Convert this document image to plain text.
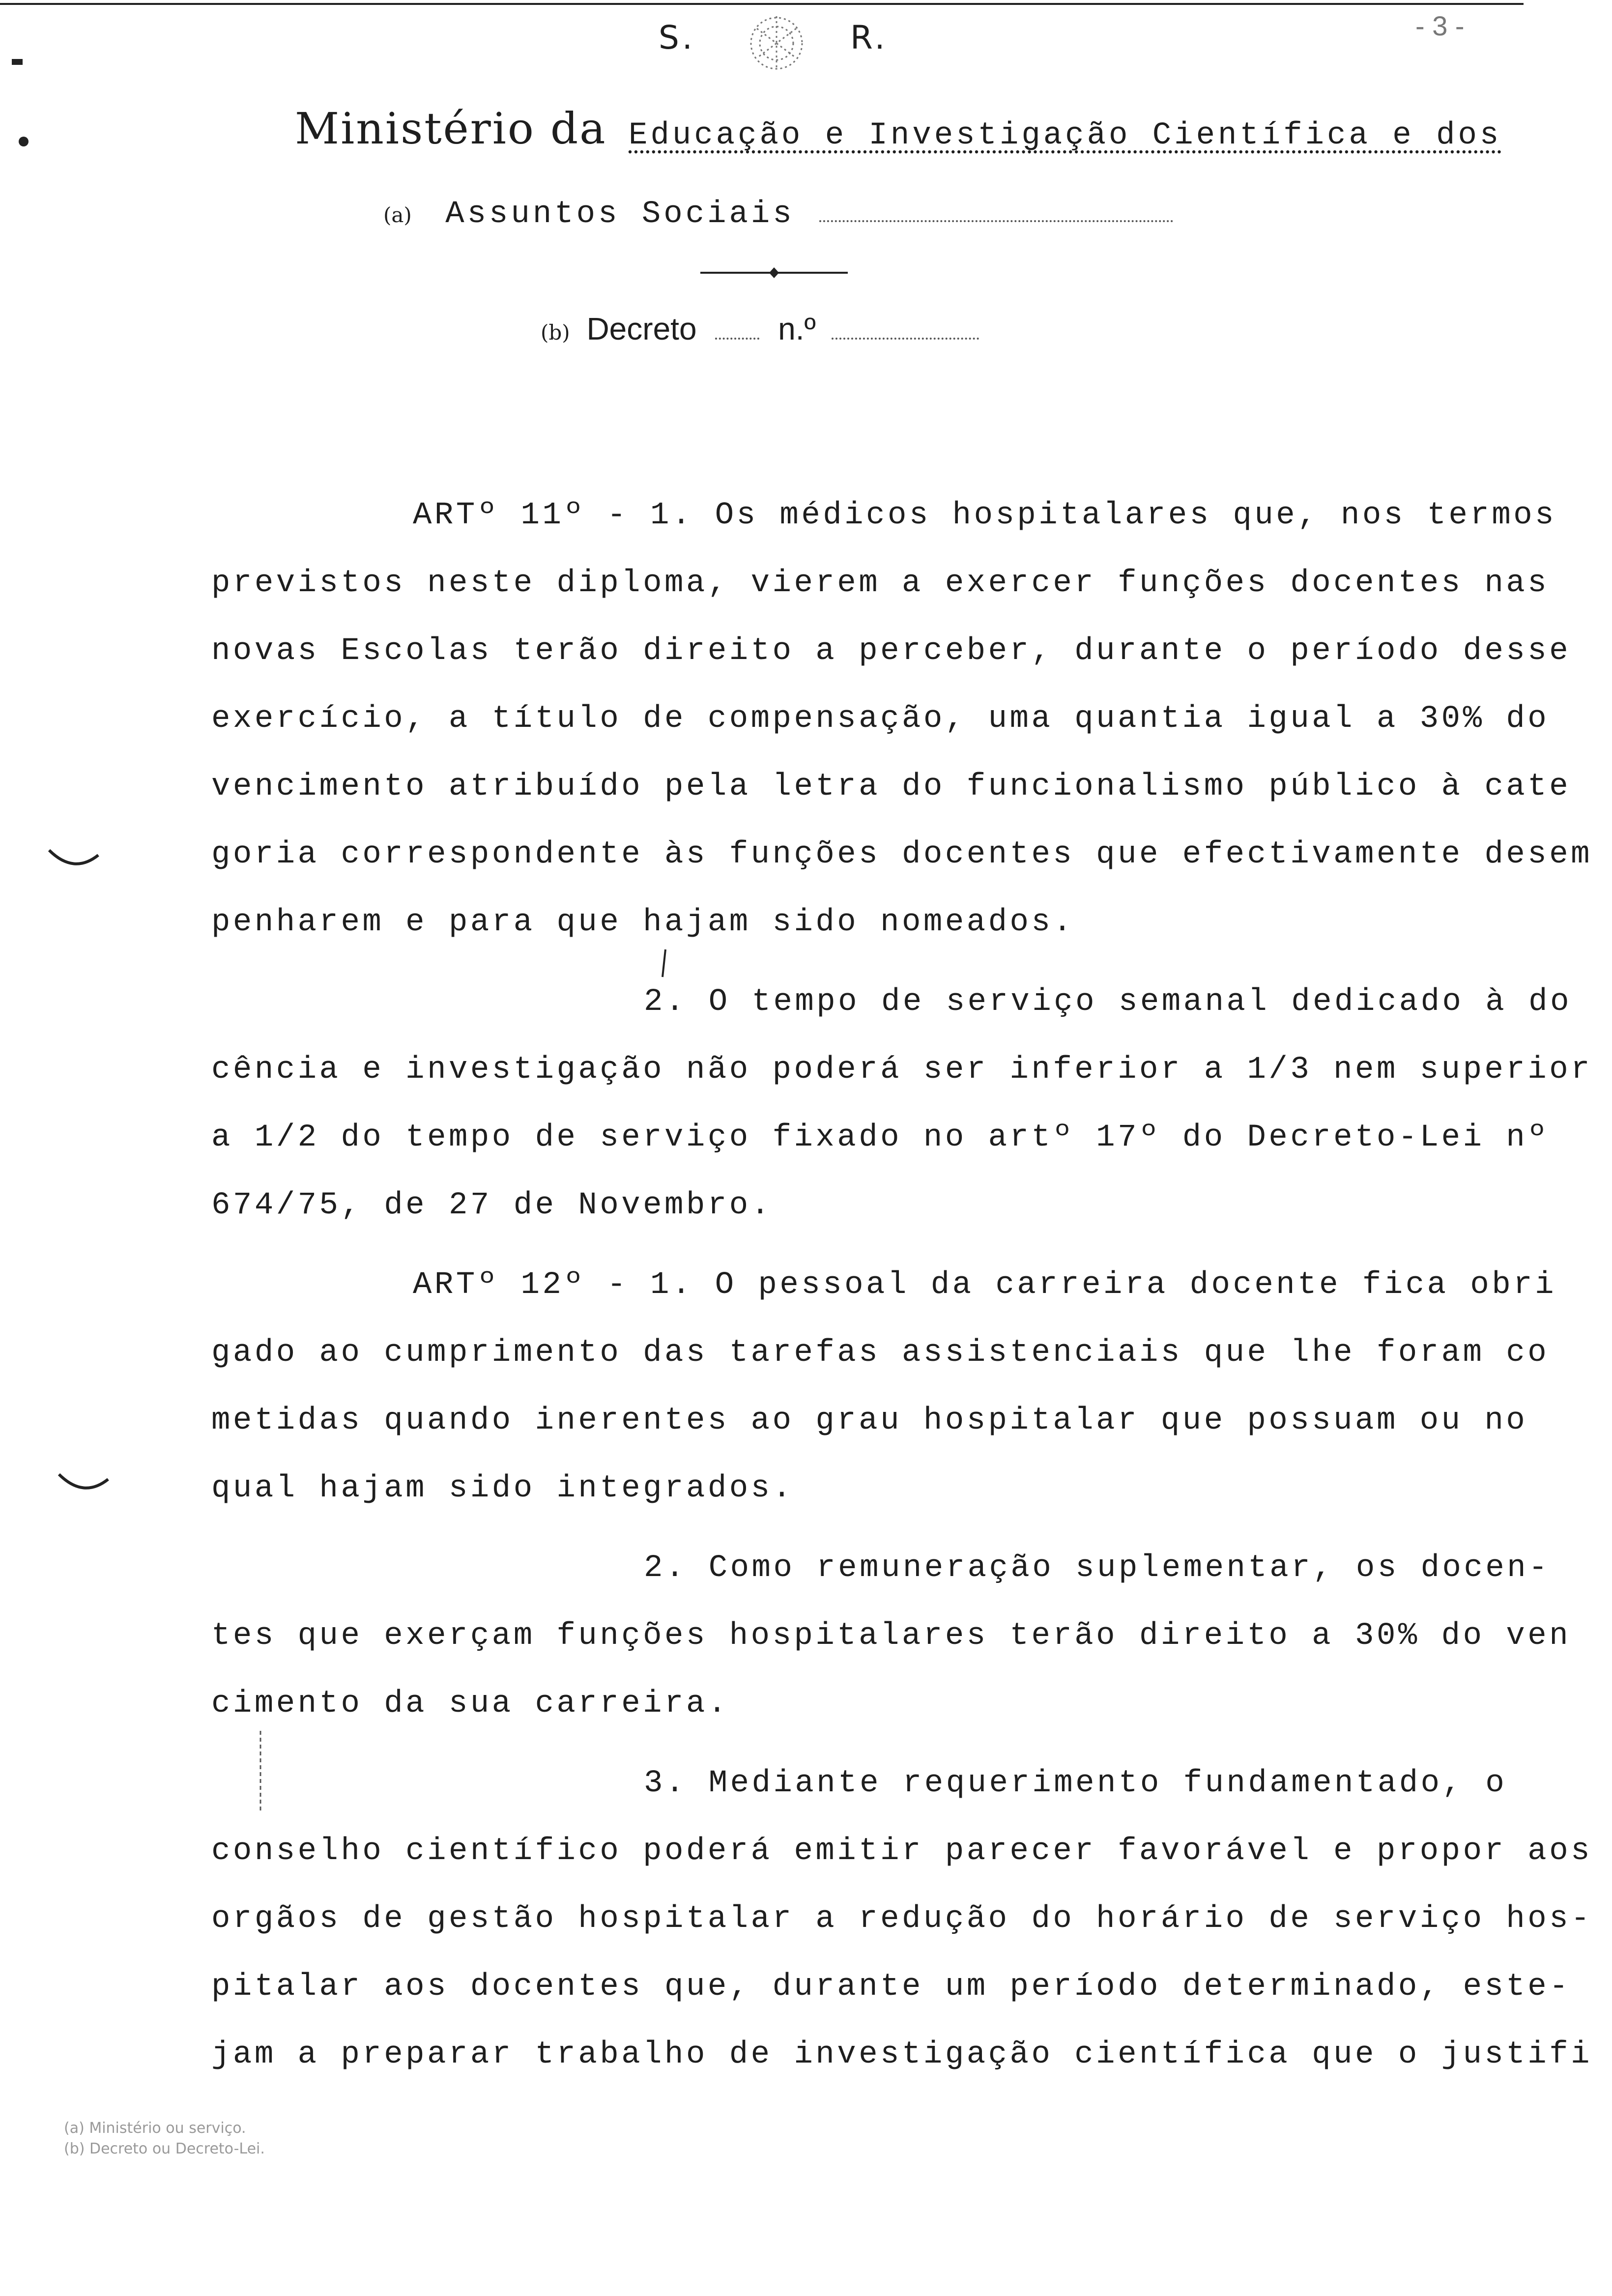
- 3 -
S.	R.
Ministério da Educação e Investigação Científica e dos
(a) Assuntos Sociais
(b) Decreto	n.º

ARTº 11º - 1. Os médicos hospitalares que, nos termos

previstos neste diploma, vierem a exercer funções docentes nas

novas Escolas terão direito a perceber, durante o período desse

exercício, a título de compensação, uma quantia igual a 30% do

vencimento atribuído pela letra do funcionalismo público à cate

goria correspondente às funções docentes que efectivamente desem

penharem e para que hajam sido nomeados.

2. O tempo de serviço semanal dedicado à do

cência e investigação não poderá ser inferior a 1/3 nem superior

a 1/2 do tempo de serviço fixado no artº 17º do Decreto-Lei nº

674/75, de 27 de Novembro.

ARTº 12º - 1. O pessoal da carreira docente fica obri

gado ao cumprimento das tarefas assistenciais que lhe foram co

metidas quando inerentes ao grau hospitalar que possuam ou no

qual hajam sido integrados.

2. Como remuneração suplementar, os docen-

tes que exerçam funções hospitalares terão direito a 30% do ven

cimento da sua carreira.

3. Mediante requerimento fundamentado, o

conselho científico poderá emitir parecer favorável e propor aos

orgãos de gestão hospitalar a redução do horário de serviço hos-

pitalar aos docentes que, durante um período determinado, este-

jam a preparar trabalho de investigação científica que o justifi

(a) Ministério ou serviço.
(b) Decreto ou Decreto-Lei.
